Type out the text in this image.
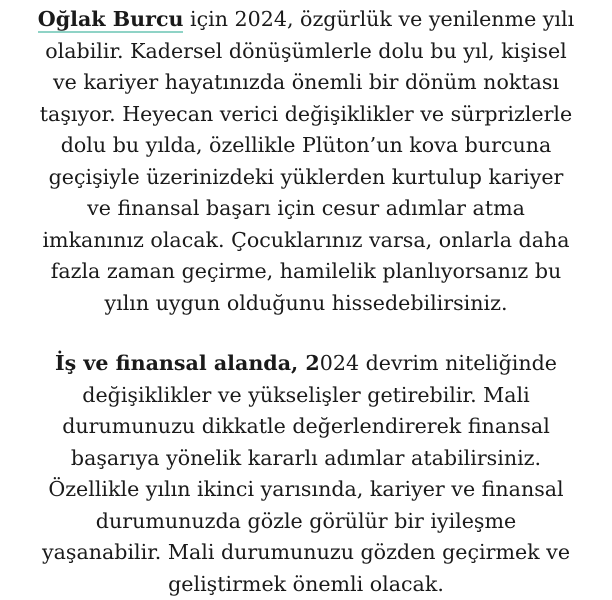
Oğlak Burcu için 2024, özgürlük ve yenilenme yılı
olabilir. Kadersel dönüşümlerle dolu bu yıl, kişisel
ve kariyer hayatınızda önemli bir dönüm noktası
taşıyor. Heyecan verici değişiklikler ve sürprizlerle
dolu bu yılda, özellikle Plüton’un kova burcuna
geçişiyle üzerinizdeki yüklerden kurtulup kariyer
ve finansal başarı için cesur adımlar atma
imkanınız olacak. Çocuklarınız varsa, onlarla daha
fazla zaman geçirme, hamilelik planlıyorsanız bu
yılın uygun olduğunu hissedebilirsiniz.

İş ve finansal alanda, 2024 devrim niteliğinde
değişiklikler ve yükselişler getirebilir. Mali
durumunuzu dikkatle değerlendirerek finansal
başarıya yönelik kararlı adımlar atabilirsiniz.
Özellikle yılın ikinci yarısında, kariyer ve finansal
durumunuzda gözle görülür bir iyileşme
yaşanabilir. Mali durumunuzu gözden geçirmek ve
geliştirmek önemli olacak.
